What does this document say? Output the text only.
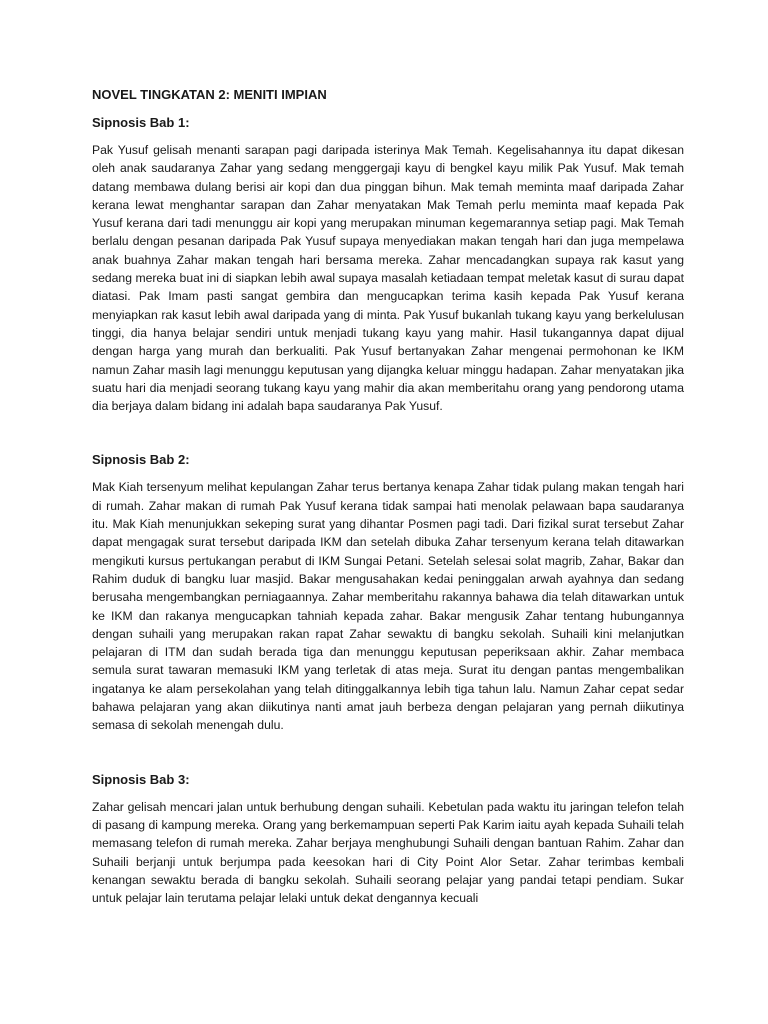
NOVEL TINGKATAN 2: MENITI IMPIAN
Sipnosis Bab 1:

Pak Yusuf gelisah menanti sarapan pagi daripada isterinya Mak Temah. Kegelisahannya itu dapat dikesan oleh anak saudaranya Zahar yang sedang menggergaji kayu di bengkel kayu milik Pak Yusuf. Mak temah datang membawa dulang berisi air kopi dan dua pinggan bihun. Mak temah meminta maaf daripada Zahar kerana lewat menghantar sarapan dan Zahar menyatakan Mak Temah perlu meminta maaf kepada Pak Yusuf kerana dari tadi menunggu air kopi yang merupakan minuman kegemarannya setiap pagi. Mak Temah berlalu dengan pesanan daripada Pak Yusuf supaya menyediakan makan tengah hari dan juga mempelawa anak buahnya Zahar makan tengah hari bersama mereka. Zahar mencadangkan supaya rak kasut yang sedang mereka buat ini di siapkan lebih awal supaya masalah ketiadaan tempat meletak kasut di surau dapat diatasi. Pak Imam pasti sangat gembira dan mengucapkan terima kasih kepada Pak Yusuf kerana menyiapkan rak kasut lebih awal daripada yang di minta. Pak Yusuf bukanlah tukang kayu yang berkelulusan tinggi, dia hanya belajar sendiri untuk menjadi tukang kayu yang mahir. Hasil tukangannya dapat dijual dengan harga yang murah dan berkualiti. Pak Yusuf bertanyakan Zahar mengenai permohonan ke IKM namun Zahar masih lagi menunggu keputusan yang dijangka keluar minggu hadapan. Zahar menyatakan jika suatu hari dia menjadi seorang tukang kayu yang mahir dia akan memberitahu orang yang pendorong utama dia berjaya dalam bidang ini adalah bapa saudaranya Pak Yusuf.

Sipnosis Bab 2:

Mak Kiah tersenyum melihat kepulangan Zahar terus bertanya kenapa Zahar tidak pulang makan tengah hari di rumah. Zahar makan di rumah Pak Yusuf kerana tidak sampai hati menolak pelawaan bapa saudaranya itu. Mak Kiah menunjukkan sekeping surat yang dihantar Posmen pagi tadi. Dari fizikal surat tersebut Zahar dapat mengagak surat tersebut daripada IKM dan setelah dibuka Zahar tersenyum kerana telah ditawarkan mengikuti kursus pertukangan perabut di IKM Sungai Petani. Setelah selesai solat magrib, Zahar, Bakar dan Rahim duduk di bangku luar masjid. Bakar mengusahakan kedai peninggalan arwah ayahnya dan sedang berusaha mengembangkan perniagaannya. Zahar memberitahu rakannya bahawa dia telah ditawarkan untuk ke IKM dan rakanya mengucapkan tahniah kepada zahar. Bakar mengusik Zahar tentang hubungannya dengan suhaili yang merupakan rakan rapat Zahar sewaktu di bangku sekolah. Suhaili kini melanjutkan pelajaran di ITM dan sudah berada tiga dan menunggu keputusan peperiksaan akhir. Zahar membaca semula surat tawaran memasuki IKM yang terletak di atas meja. Surat itu dengan pantas mengembalikan ingatanya ke alam persekolahan yang telah ditinggalkannya lebih tiga tahun lalu. Namun Zahar cepat sedar bahawa pelajaran yang akan diikutinya nanti amat jauh berbeza dengan pelajaran yang pernah diikutinya semasa di sekolah menengah dulu.

Sipnosis Bab 3:

Zahar gelisah mencari jalan untuk berhubung dengan suhaili. Kebetulan pada waktu itu jaringan telefon telah di pasang di kampung mereka. Orang yang berkemampuan seperti Pak Karim iaitu ayah kepada Suhaili telah memasang telefon di rumah mereka. Zahar berjaya menghubungi Suhaili dengan bantuan Rahim. Zahar dan Suhaili berjanji untuk berjumpa pada keesokan hari di City Point Alor Setar. Zahar terimbas kembali kenangan sewaktu berada di bangku sekolah. Suhaili seorang pelajar yang pandai tetapi pendiam. Sukar untuk pelajar lain terutama pelajar lelaki untuk dekat dengannya kecuali
